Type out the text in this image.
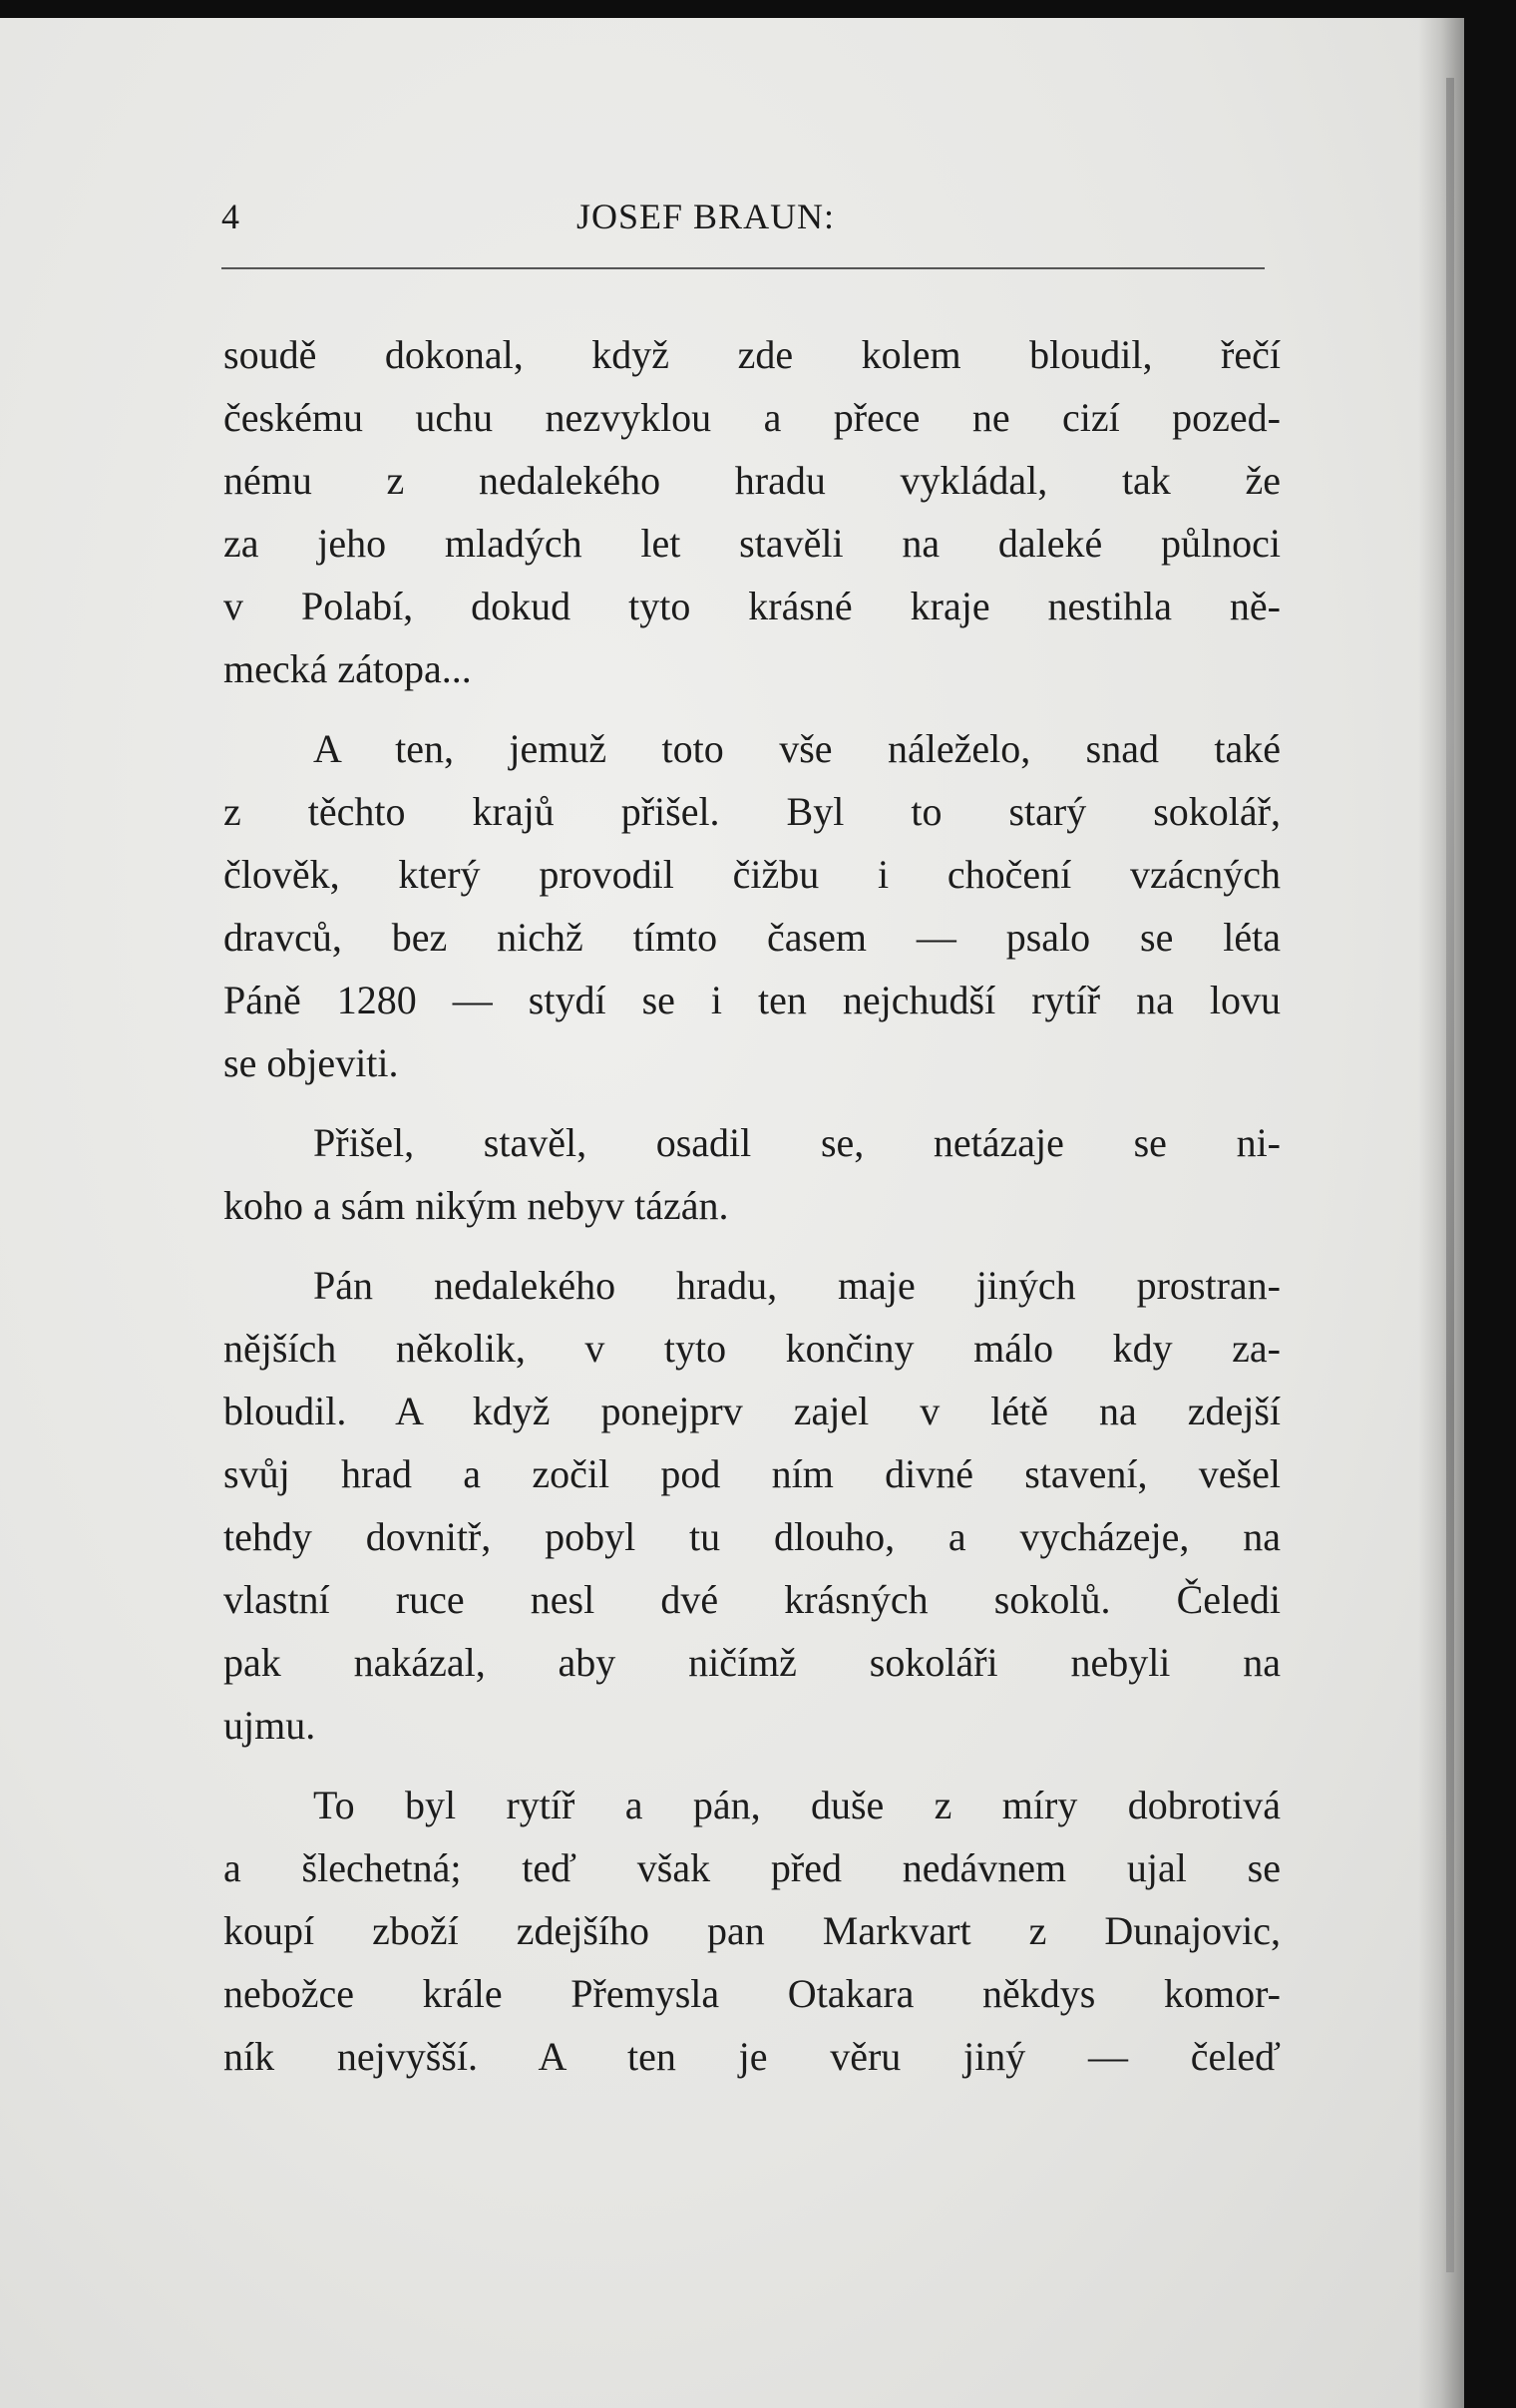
4	JOSEF BRAUN:
soudě dokonal, když zde kolem bloudil, řečí
českému uchu nezvyklou a přece ne cizí pozed-
nému z nedalekého hradu vykládal, tak že
za jeho mladých let stavěli na daleké půlnoci
v Polabí, dokud tyto krásné kraje nestihla ně-
mecká zátopa...
A ten, jemuž toto vše náleželo, snad také
z těchto krajů přišel. Byl to starý sokolář,
člověk, který provodil čižbu i chočení vzácných
dravců, bez nichž tímto časem — psalo se léta
Páně 1280 — stydí se i ten nejchudší rytíř na lovu
se objeviti.
Přišel, stavěl, osadil se, netázaje se ni-
koho a sám nikým nebyv tázán.
Pán nedalekého hradu, maje jiných prostran-
nějších několik, v tyto končiny málo kdy za-
bloudil. A když ponejprv zajel v létě na zdejší
svůj hrad a zočil pod ním divné stavení, vešel
tehdy dovnitř, pobyl tu dlouho, a vycházeje, na
vlastní ruce nesl dvé krásných sokolů. Čeledi
pak nakázal, aby ničímž sokoláři nebyli na
ujmu.
To byl rytíř a pán, duše z míry dobrotivá
a šlechetná; teď však před nedávnem ujal se
koupí zboží zdejšího pan Markvart z Dunajovic,
nebožce krále Přemysla Otakara někdys komor-
ník nejvyšší. A ten je věru jiný — čeleď
